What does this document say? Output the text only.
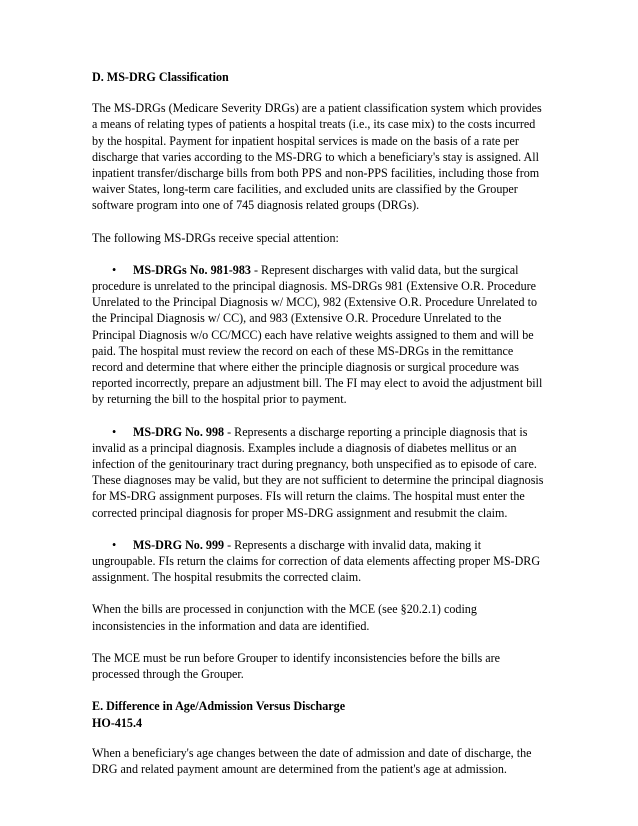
D. MS-DRG Classification
The MS-DRGs (Medicare Severity DRGs) are a patient classification system which provides a means of relating types of patients a hospital treats (i.e., its case mix) to the costs incurred by the hospital. Payment for inpatient hospital services is made on the basis of a rate per discharge that varies according to the MS-DRG to which a beneficiary's stay is assigned. All inpatient transfer/discharge bills from both PPS and non-PPS facilities, including those from waiver States, long-term care facilities, and excluded units are classified by the Grouper software program into one of 745 diagnosis related groups (DRGs).
The following MS-DRGs receive special attention:
• MS-DRGs No. 981-983 - Represent discharges with valid data, but the surgical procedure is unrelated to the principal diagnosis. MS-DRGs 981 (Extensive O.R. Procedure Unrelated to the Principal Diagnosis w/ MCC), 982 (Extensive O.R. Procedure Unrelated to the Principal Diagnosis w/ CC), and 983 (Extensive O.R. Procedure Unrelated to the Principal Diagnosis w/o CC/MCC) each have relative weights assigned to them and will be paid. The hospital must review the record on each of these MS-DRGs in the remittance record and determine that where either the principle diagnosis or surgical procedure was reported incorrectly, prepare an adjustment bill. The FI may elect to avoid the adjustment bill by returning the bill to the hospital prior to payment.
• MS-DRG No. 998 - Represents a discharge reporting a principle diagnosis that is invalid as a principal diagnosis. Examples include a diagnosis of diabetes mellitus or an infection of the genitourinary tract during pregnancy, both unspecified as to episode of care. These diagnoses may be valid, but they are not sufficient to determine the principal diagnosis for MS-DRG assignment purposes. FIs will return the claims. The hospital must enter the corrected principal diagnosis for proper MS-DRG assignment and resubmit the claim.
• MS-DRG No. 999 - Represents a discharge with invalid data, making it ungroupable. FIs return the claims for correction of data elements affecting proper MS-DRG assignment. The hospital resubmits the corrected claim.
When the bills are processed in conjunction with the MCE (see §20.2.1) coding inconsistencies in the information and data are identified.
The MCE must be run before Grouper to identify inconsistencies before the bills are processed through the Grouper.
E. Difference in Age/Admission Versus Discharge
HO-415.4
When a beneficiary's age changes between the date of admission and date of discharge, the DRG and related payment amount are determined from the patient's age at admission.
